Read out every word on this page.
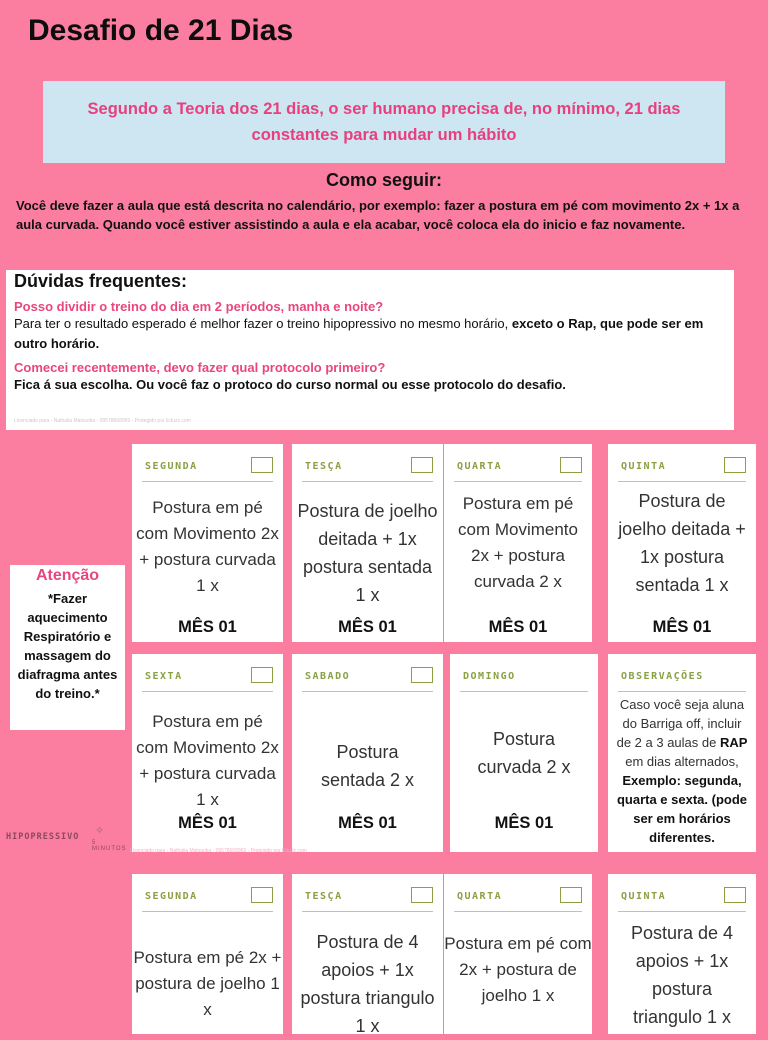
Desafio de 21 Dias
Segundo a Teoria dos 21 dias, o ser humano precisa de, no mínimo, 21 dias constantes para mudar um hábito
Como seguir:
Você deve fazer a aula que está descrita no calendário, por exemplo: fazer a postura em pé com movimento 2x + 1x a aula curvada. Quando você estiver assistindo a aula e ela acabar, você coloca ela do inicio e faz novamente.
Dúvidas frequentes:
Posso dividir o treino do dia em 2 períodos, manha e noite?
Para ter o resultado esperado é melhor fazer o treino hipopressivo no mesmo horário, exceto o Rap, que pode ser em outro horário.
Comecei recentemente, devo fazer qual protocolo primeiro?
Fica á sua escolha. Ou você faz o protoco do curso normal ou esse protocolo do desafio.
Licenciado para - Nathalia Matsuoka - 09578668969 - Protegido por Eduzz.com
Atenção
*Fazer aquecimento Respiratório e massagem do diafragma antes do treino.*
SEGUNDA
Postura em pé com Movimento 2x + postura curvada 1 x
MÊS 01
TESÇA
Postura de joelho deitada + 1x postura sentada 1 x
MÊS 01
QUARTA
Postura em pé com Movimento 2x + postura curvada 2 x
MÊS 01
QUINTA
Postura de joelho deitada + 1x postura sentada 1 x
MÊS 01
SEXTA
Postura em pé com Movimento 2x + postura curvada 1 x
MÊS 01
SABADO
Postura sentada 2 x
MÊS 01
DOMINGO
Postura curvada 2 x
MÊS 01
OBSERVAÇÕES
Caso você seja aluna do Barriga off, incluir de 2 a 3 aulas de RAP em dias alternados, Exemplo: segunda, quarta e sexta. (pode ser em horários diferentes.
SEGUNDA
Postura em pé 2x + postura de joelho 1 x
TESÇA
Postura de 4 apoios + 1x postura triangulo 1 x
QUARTA
Postura em pé com 2x + postura de joelho 1 x
QUINTA
Postura de 4 apoios + 1x postura triangulo 1 x
✧
HIPOPRESSIVO
5 MINUTOS Licenciado para - Nathalia Matsuoka - 09578668969 - Protegido por Eduzz.com
